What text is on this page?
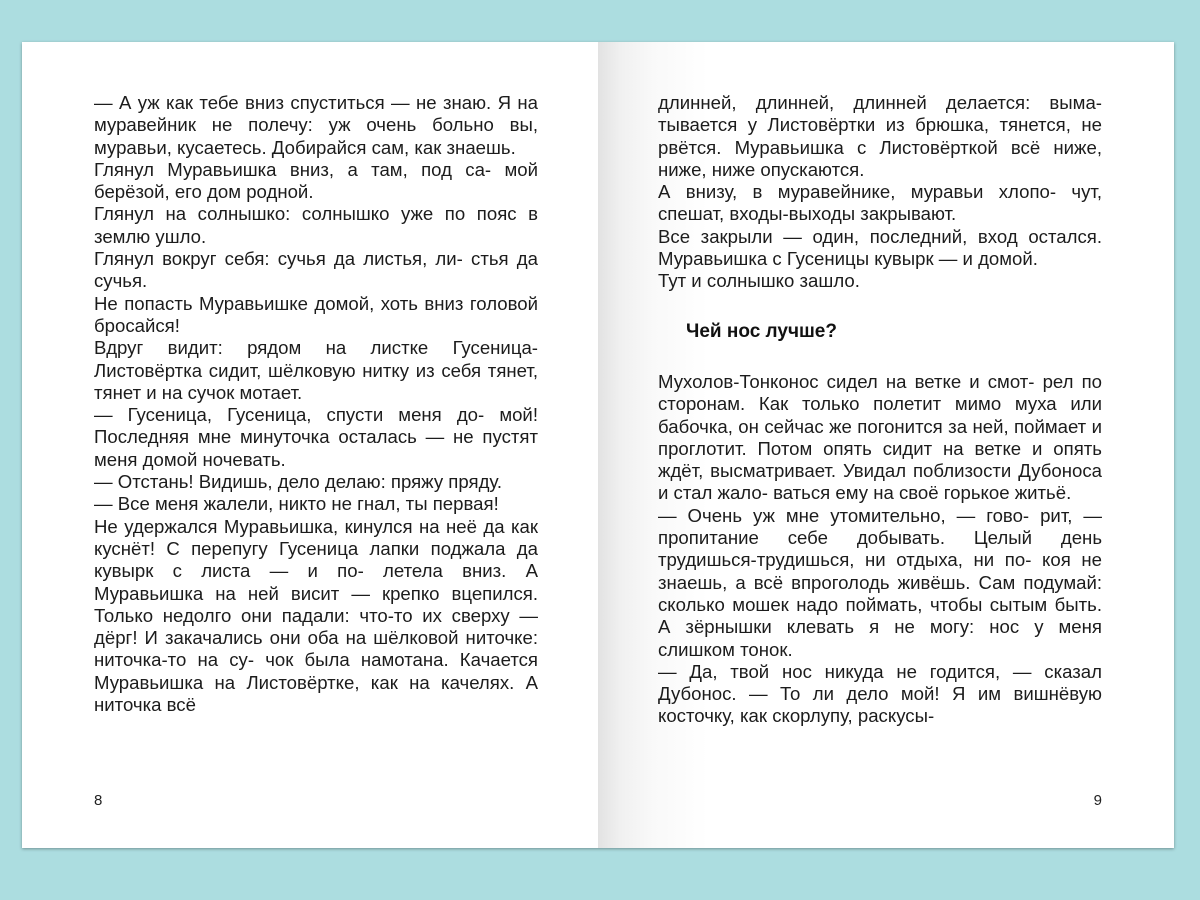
— А уж как тебе вниз спуститься — не знаю. Я на муравейник не полечу: уж очень больно вы, муравьи, кусаетесь. Добирайся сам, как знаешь.

Глянул Муравьишка вниз, а там, под са- мой берёзой, его дом родной.

Глянул на солнышко: солнышко уже по пояс в землю ушло.

Глянул вокруг себя: сучья да листья, ли- стья да сучья.

Не попасть Муравьишке домой, хоть вниз головой бросайся!

Вдруг видит: рядом на листке Гусеница- Листовёртка сидит, шёлковую нитку из себя тянет, тянет и на сучок мотает.

— Гусеница, Гусеница, спусти меня до- мой! Последняя мне минуточка осталась — не пустят меня домой ночевать.

— Отстань! Видишь, дело делаю: пряжу пряду.

— Все меня жалели, никто не гнал, ты первая!

Не удержался Муравьишка, кинулся на неё да как куснёт! С перепугу Гусеница лапки поджала да кувырк с листа — и по- летела вниз. А Муравьишка на ней висит — крепко вцепился. Только недолго они падали: что-то их сверху — дёрг! И закачались они оба на шёлковой ниточке: ниточка-то на су- чок была намотана. Качается Муравьишка на Листовёртке, как на качелях. А ниточка всё

8

длинней, длинней, длинней делается: выма- тывается у Листовёртки из брюшка, тянется, не рвётся. Муравьишка с Листовёрткой всё ниже, ниже, ниже опускаются.

А внизу, в муравейнике, муравьи хлопо- чут, спешат, входы-выходы закрывают.

Все закрыли — один, последний, вход остался. Муравьишка с Гусеницы кувырк — и домой.

Тут и солнышко зашло.

Чей нос лучше?

Мухолов-Тонконос сидел на ветке и смот- рел по сторонам. Как только полетит мимо муха или бабочка, он сейчас же погонится за ней, поймает и проглотит. Потом опять сидит на ветке и опять ждёт, высматривает. Увидал поблизости Дубоноса и стал жало- ваться ему на своё горькое житьё.

— Очень уж мне утомительно, — гово- рит, — пропитание себе добывать. Целый день трудишься-трудишься, ни отдыха, ни по- коя не знаешь, а всё впроголодь живёшь. Сам подумай: сколько мошек надо поймать, чтобы сытым быть. А зёрнышки клевать я не могу: нос у меня слишком тонок.

— Да, твой нос никуда не годится, — сказал Дубонос. — То ли дело мой! Я им вишнёвую косточку, как скорлупу, раскусы-

9
